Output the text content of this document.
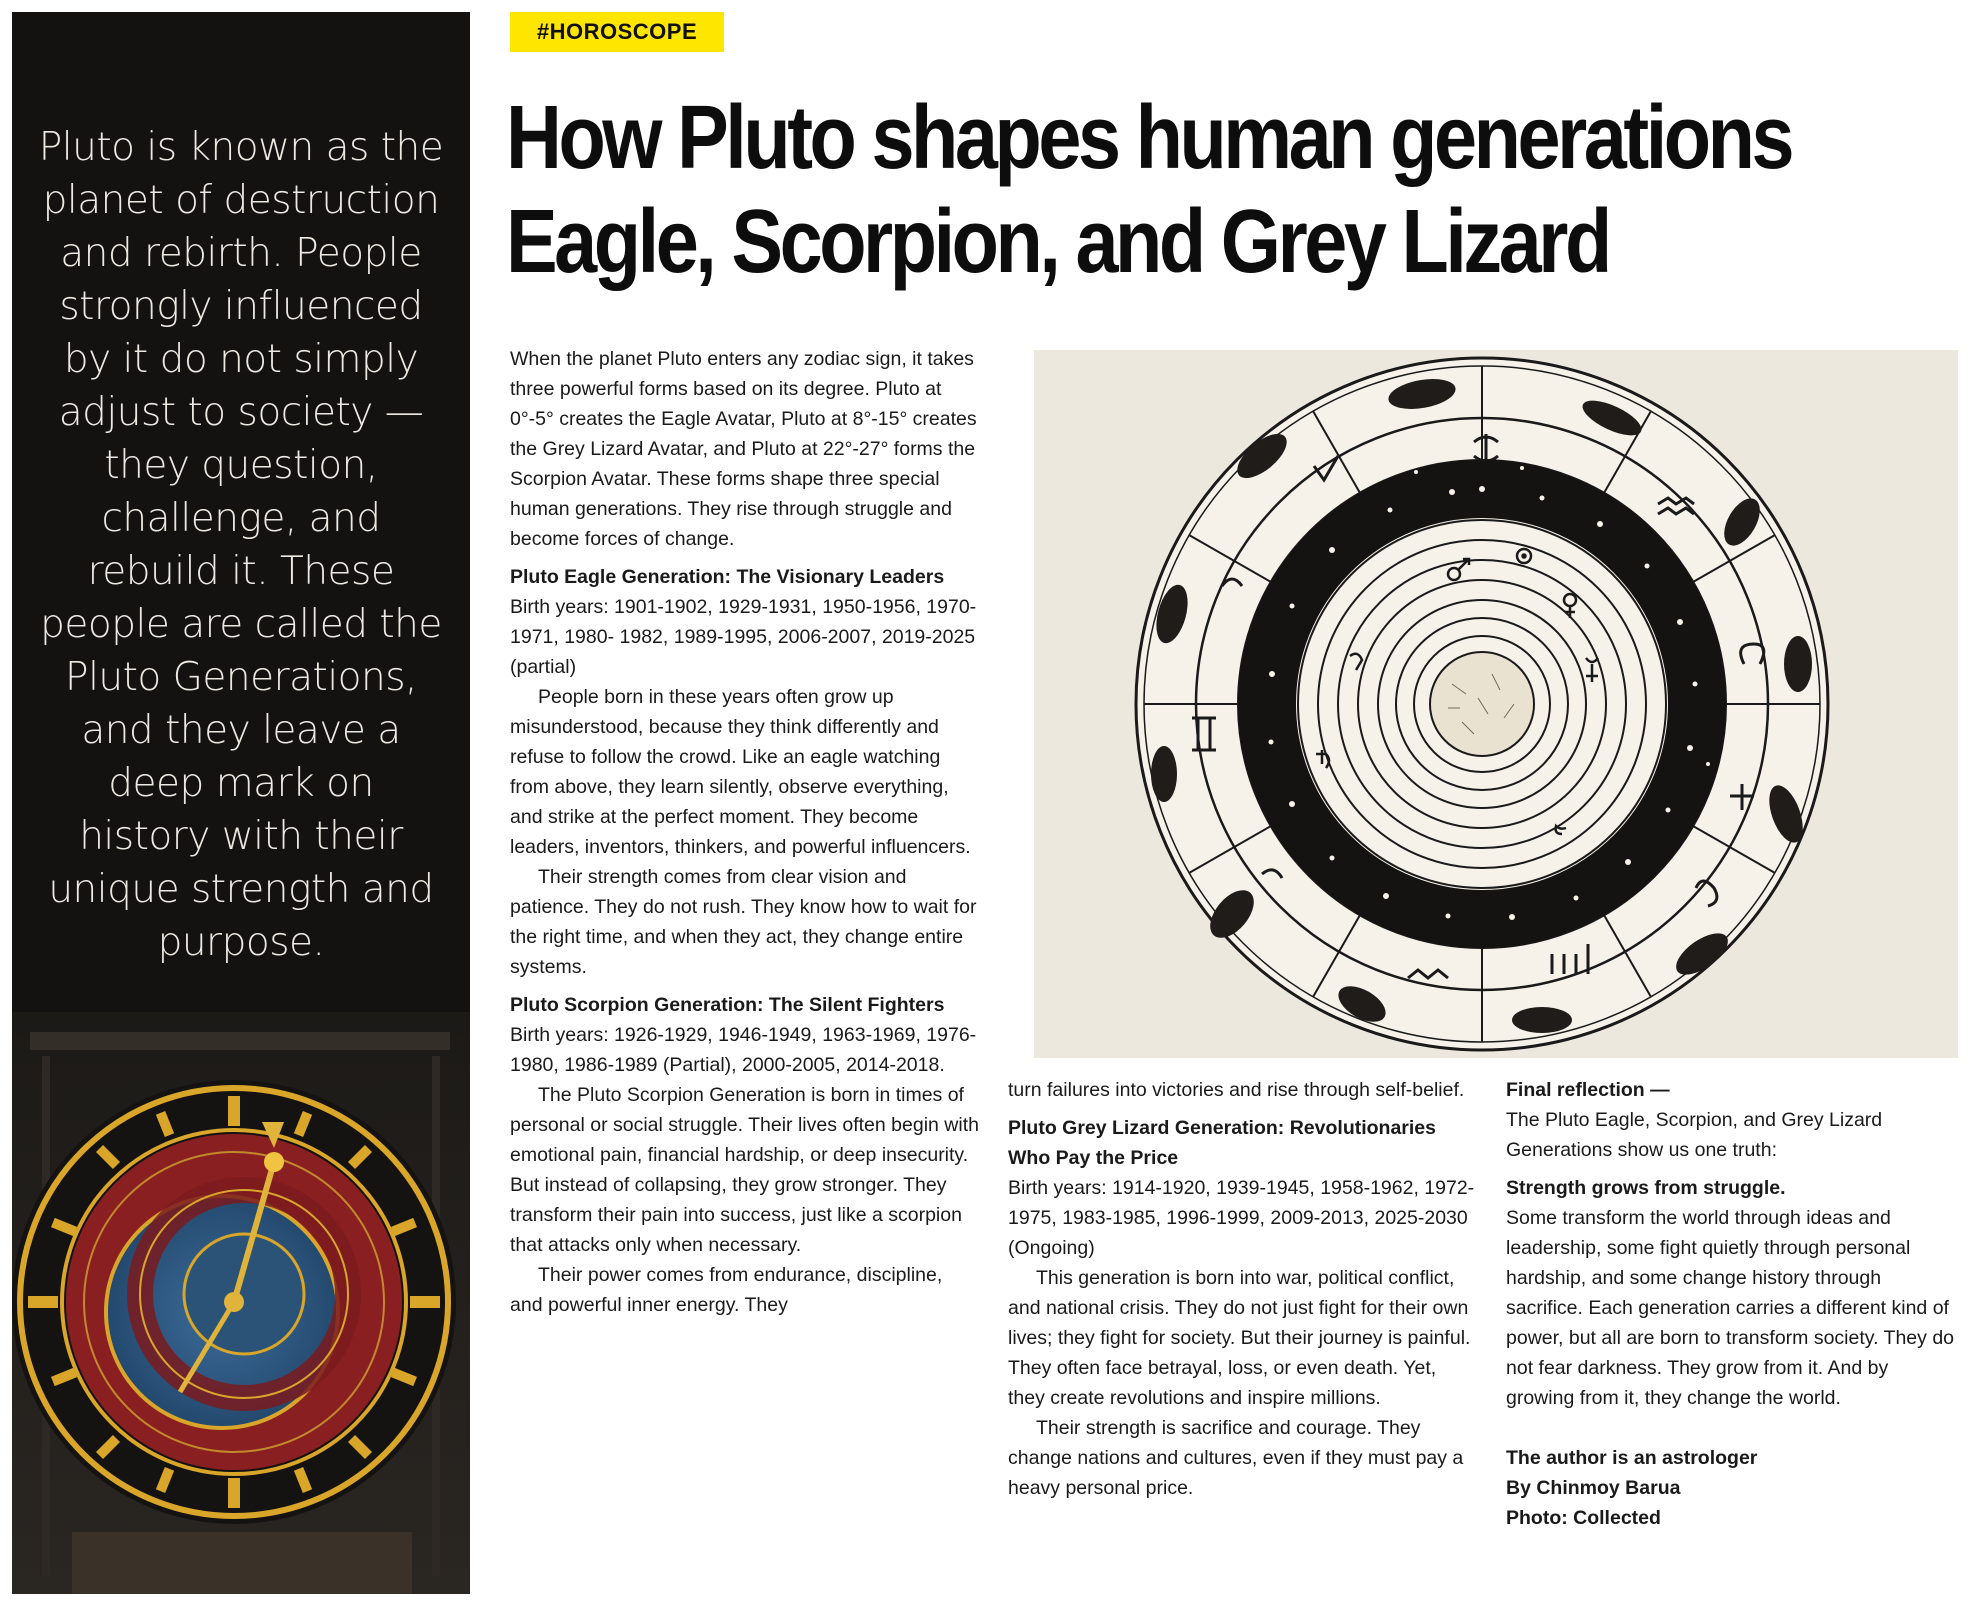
Pluto is known as the planet of destruction and rebirth. People strongly influenced by it do not simply adjust to society — they question, challenge, and rebuild it. These people are called the Pluto Generations, and they leave a deep mark on history with their unique strength and purpose.

#HOROSCOPE
How Pluto shapes human generations
Eagle, Scorpion, and Grey Lizard

When the planet Pluto enters any zodiac sign, it takes three powerful forms based on its degree. Pluto at 0°-5° creates the Eagle Avatar, Pluto at 8°-15° creates the Grey Lizard Avatar, and Pluto at 22°-27° forms the Scorpion Avatar. These forms shape three special human generations. They rise through struggle and become forces of change.

Pluto Eagle Generation: The Visionary Leaders

Birth years: 1901-1902, 1929-1931, 1950-1956, 1970-1971, 1980- 1982, 1989-1995, 2006-2007, 2019-2025 (partial)

People born in these years often grow up misunderstood, because they think differently and refuse to follow the crowd. Like an eagle watching from above, they learn silently, observe everything, and strike at the perfect moment. They become leaders, inventors, thinkers, and powerful influencers.

Their strength comes from clear vision and patience. They do not rush. They know how to wait for the right time, and when they act, they change entire systems.

Pluto Scorpion Generation: The Silent Fighters

Birth years: 1926-1929, 1946-1949, 1963-1969, 1976-1980, 1986-1989 (Partial), 2000-2005, 2014-2018.

The Pluto Scorpion Generation is born in times of personal or social struggle. Their lives often begin with emotional pain, financial hardship, or deep insecurity. But instead of collapsing, they grow stronger. They transform their pain into success, just like a scorpion that attacks only when necessary.

Their power comes from endurance, discipline, and powerful inner energy. They

turn failures into victories and rise through self-belief.

Pluto Grey Lizard Generation: Revolutionaries Who Pay the Price

Birth years: 1914-1920, 1939-1945, 1958-1962, 1972-1975, 1983-1985, 1996-1999, 2009-2013, 2025-2030 (Ongoing)

This generation is born into war, political conflict, and national crisis. They do not just fight for their own lives; they fight for society. But their journey is painful. They often face betrayal, loss, or even death. Yet, they create revolutions and inspire millions.

Their strength is sacrifice and courage. They change nations and cultures, even if they must pay a heavy personal price.

Final reflection —

The Pluto Eagle, Scorpion, and Grey Lizard Generations show us one truth:

Strength grows from struggle.

Some transform the world through ideas and leadership, some fight quietly through personal hardship, and some change history through sacrifice. Each generation carries a different kind of power, but all are born to transform society. They do not fear darkness. They grow from it. And by growing from it, they change the world.

The author is an astrologer
By Chinmoy Barua
Photo: Collected
